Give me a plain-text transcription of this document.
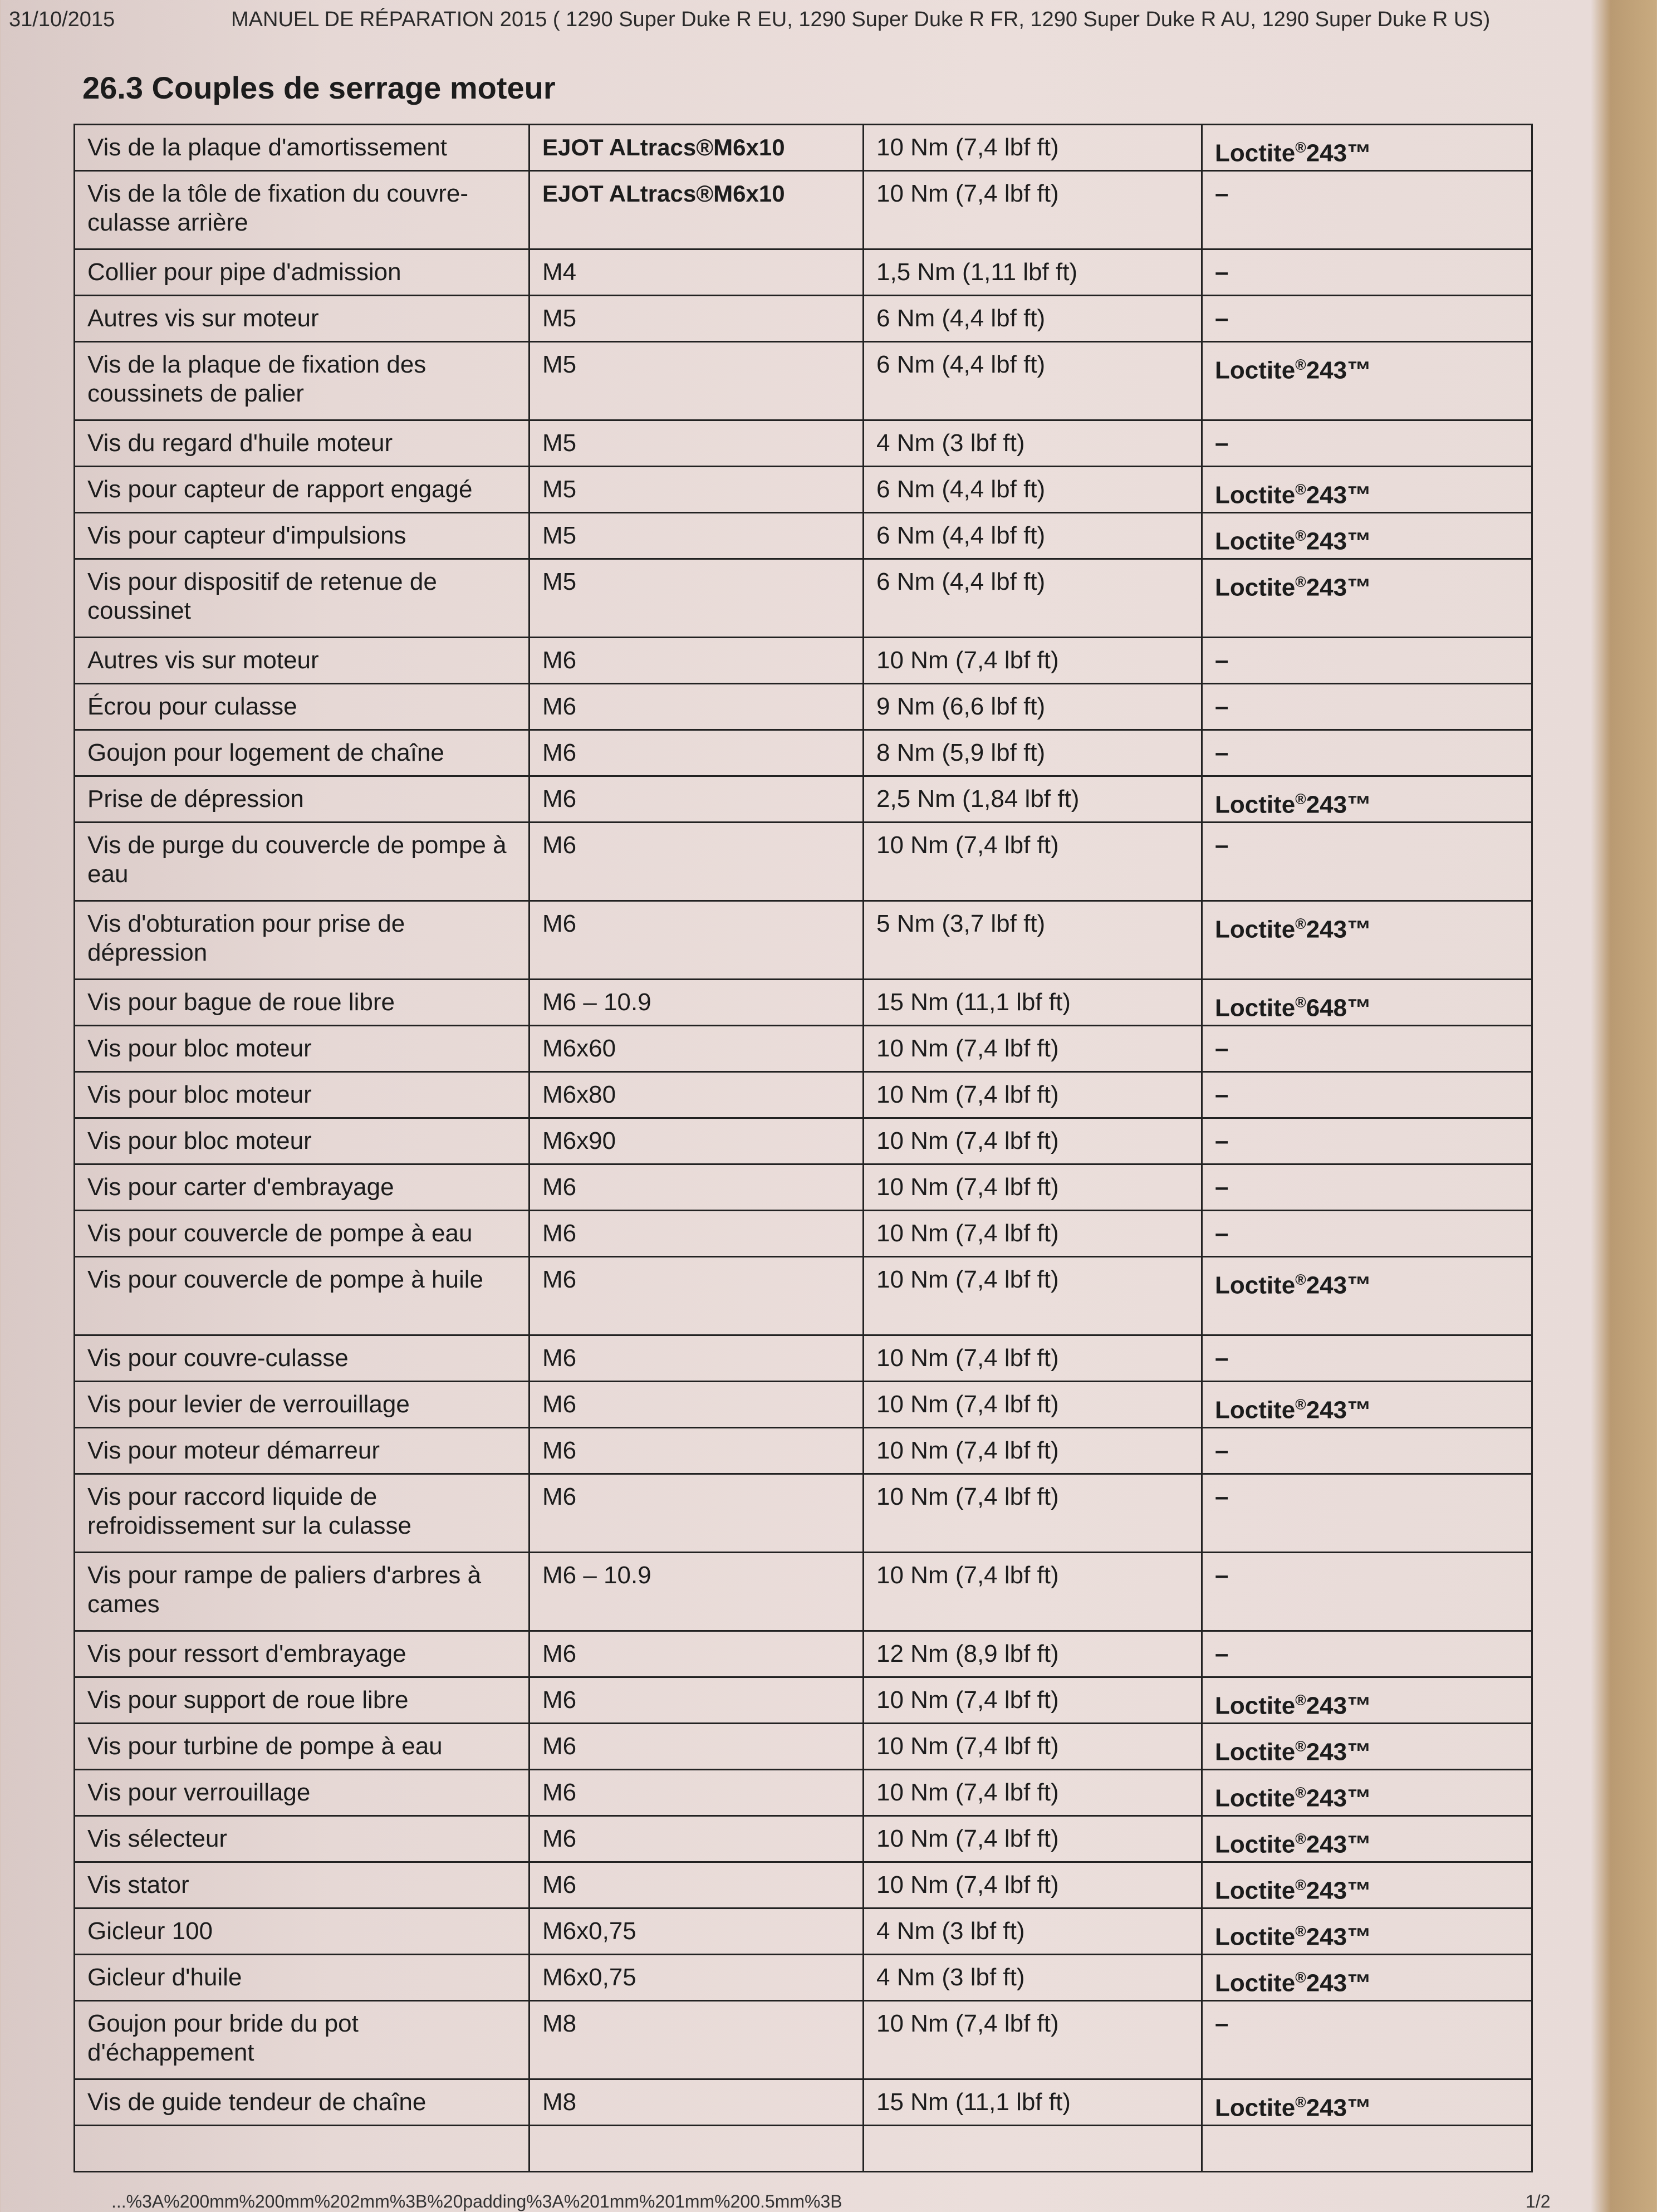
31/10/2015	MANUEL DE RÉPARATION 2015 ( 1290 Super Duke R EU, 1290 Super Duke R FR, 1290 Super Duke R AU, 1290 Super Duke R US)
26.3 Couples de serrage moteur
Vis de la plaque d'amortissement	EJOT ALtracs®M6x10	10 Nm (7,4 lbf ft)	Loctite®243™
Vis de la tôle de fixation du couvre-culasse arrière	EJOT ALtracs®M6x10	10 Nm (7,4 lbf ft)	–
Collier pour pipe d'admission	M4	1,5 Nm (1,11 lbf ft)	–
Autres vis sur moteur	M5	6 Nm (4,4 lbf ft)	–
Vis de la plaque de fixation des coussinets de palier	M5	6 Nm (4,4 lbf ft)	Loctite®243™
Vis du regard d'huile moteur	M5	4 Nm (3 lbf ft)	–
Vis pour capteur de rapport engagé	M5	6 Nm (4,4 lbf ft)	Loctite®243™
Vis pour capteur d'impulsions	M5	6 Nm (4,4 lbf ft)	Loctite®243™
Vis pour dispositif de retenue de coussinet	M5	6 Nm (4,4 lbf ft)	Loctite®243™
Autres vis sur moteur	M6	10 Nm (7,4 lbf ft)	–
Écrou pour culasse	M6	9 Nm (6,6 lbf ft)	–
Goujon pour logement de chaîne	M6	8 Nm (5,9 lbf ft)	–
Prise de dépression	M6	2,5 Nm (1,84 lbf ft)	Loctite®243™
Vis de purge du couvercle de pompe à eau	M6	10 Nm (7,4 lbf ft)	–
Vis d'obturation pour prise de dépression	M6	5 Nm (3,7 lbf ft)	Loctite®243™
Vis pour bague de roue libre	M6 – 10.9	15 Nm (11,1 lbf ft)	Loctite®648™
Vis pour bloc moteur	M6x60	10 Nm (7,4 lbf ft)	–
Vis pour bloc moteur	M6x80	10 Nm (7,4 lbf ft)	–
Vis pour bloc moteur	M6x90	10 Nm (7,4 lbf ft)	–
Vis pour carter d'embrayage	M6	10 Nm (7,4 lbf ft)	–
Vis pour couvercle de pompe à eau	M6	10 Nm (7,4 lbf ft)	–
Vis pour couvercle de pompe à huile	M6	10 Nm (7,4 lbf ft)	Loctite®243™
Vis pour couvre-culasse	M6	10 Nm (7,4 lbf ft)	–
Vis pour levier de verrouillage	M6	10 Nm (7,4 lbf ft)	Loctite®243™
Vis pour moteur démarreur	M6	10 Nm (7,4 lbf ft)	–
Vis pour raccord liquide de refroidissement sur la culasse	M6	10 Nm (7,4 lbf ft)	–
Vis pour rampe de paliers d'arbres à cames	M6 – 10.9	10 Nm (7,4 lbf ft)	–
Vis pour ressort d'embrayage	M6	12 Nm (8,9 lbf ft)	–
Vis pour support de roue libre	M6	10 Nm (7,4 lbf ft)	Loctite®243™
Vis pour turbine de pompe à eau	M6	10 Nm (7,4 lbf ft)	Loctite®243™
Vis pour verrouillage	M6	10 Nm (7,4 lbf ft)	Loctite®243™
Vis sélecteur	M6	10 Nm (7,4 lbf ft)	Loctite®243™
Vis stator	M6	10 Nm (7,4 lbf ft)	Loctite®243™
Gicleur 100	M6x0,75	4 Nm (3 lbf ft)	Loctite®243™
Gicleur d'huile	M6x0,75	4 Nm (3 lbf ft)	Loctite®243™
Goujon pour bride du pot d'échappement	M8	10 Nm (7,4 lbf ft)	–
Vis de guide tendeur de chaîne	M8	15 Nm (11,1 lbf ft)	Loctite®243™

...%3A%200mm%200mm%202mm%3B%20padding%3A%201mm%201mm%200.5mm%3B	1/2
